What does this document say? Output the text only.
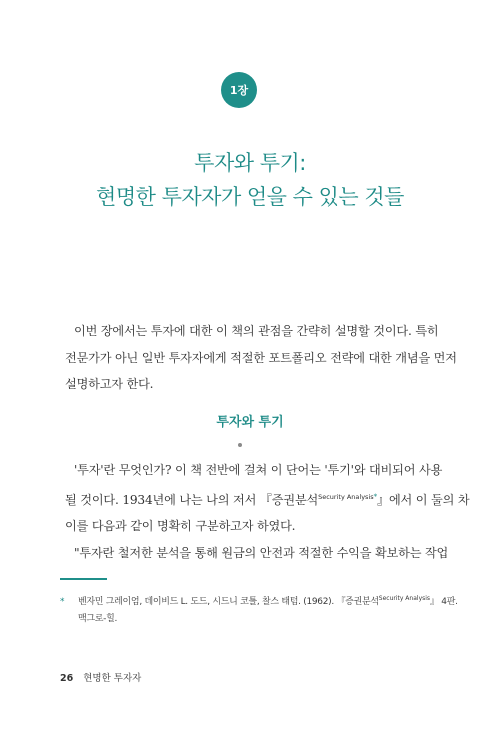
1장
투자와 투기:
현명한 투자자가 얻을 수 있는 것들
이번 장에서는 투자에 대한 이 책의 관점을 간략히 설명할 것이다. 특히
전문가가 아닌 일반 투자자에게 적절한 포트폴리오 전략에 대한 개념을 먼저
설명하고자 한다.
투자와 투기
'투자'란 무엇인가? 이 책 전반에 걸쳐 이 단어는 '투기'와 대비되어 사용
될 것이다. 1934년에 나는 나의 저서 『증권분석$^{Security Analysis*}$』에서 이 둘의 차
이를 다음과 같이 명확히 구분하고자 하였다.
"투자란 철저한 분석을 통해 원금의 안전과 적절한 수익을 확보하는 작업
* 벤자민 그레이엄, 데이비드 L. 도드, 시드니 코틀, 찰스 태텀. (1962). 『증권분석$^{Security Analysis}$』 4판.
맥그로-힐.
26 현명한 투자자
